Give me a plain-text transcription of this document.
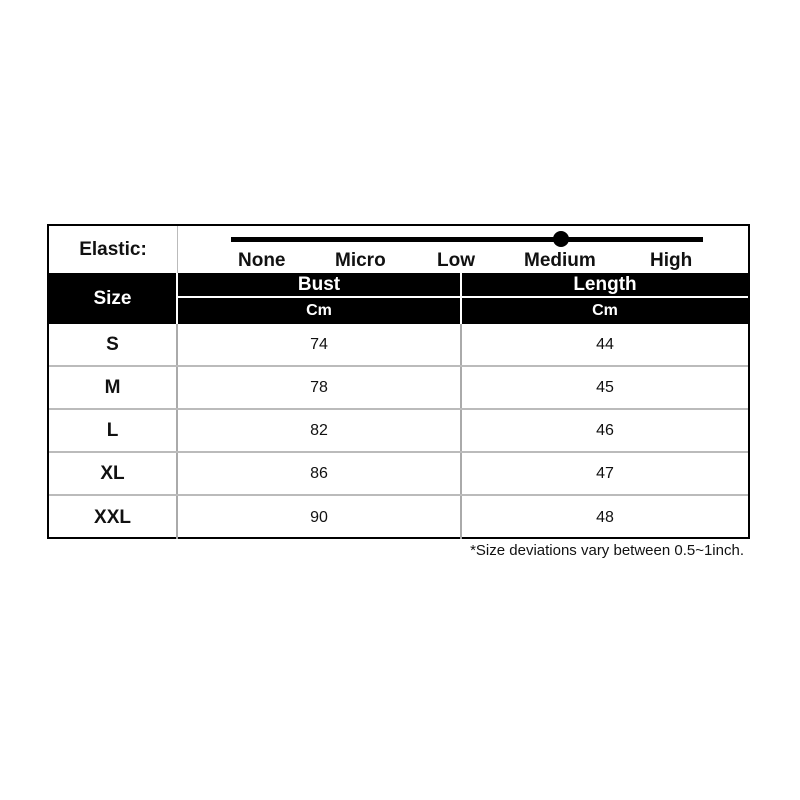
Elastic:
None	Micro	Low	Medium	High
Size
Bust
Cm
Length
Cm
S	74	44
M	78	45
L	82	46
XL	86	47
XXL	90	48
*Size deviations vary between 0.5~1inch.
